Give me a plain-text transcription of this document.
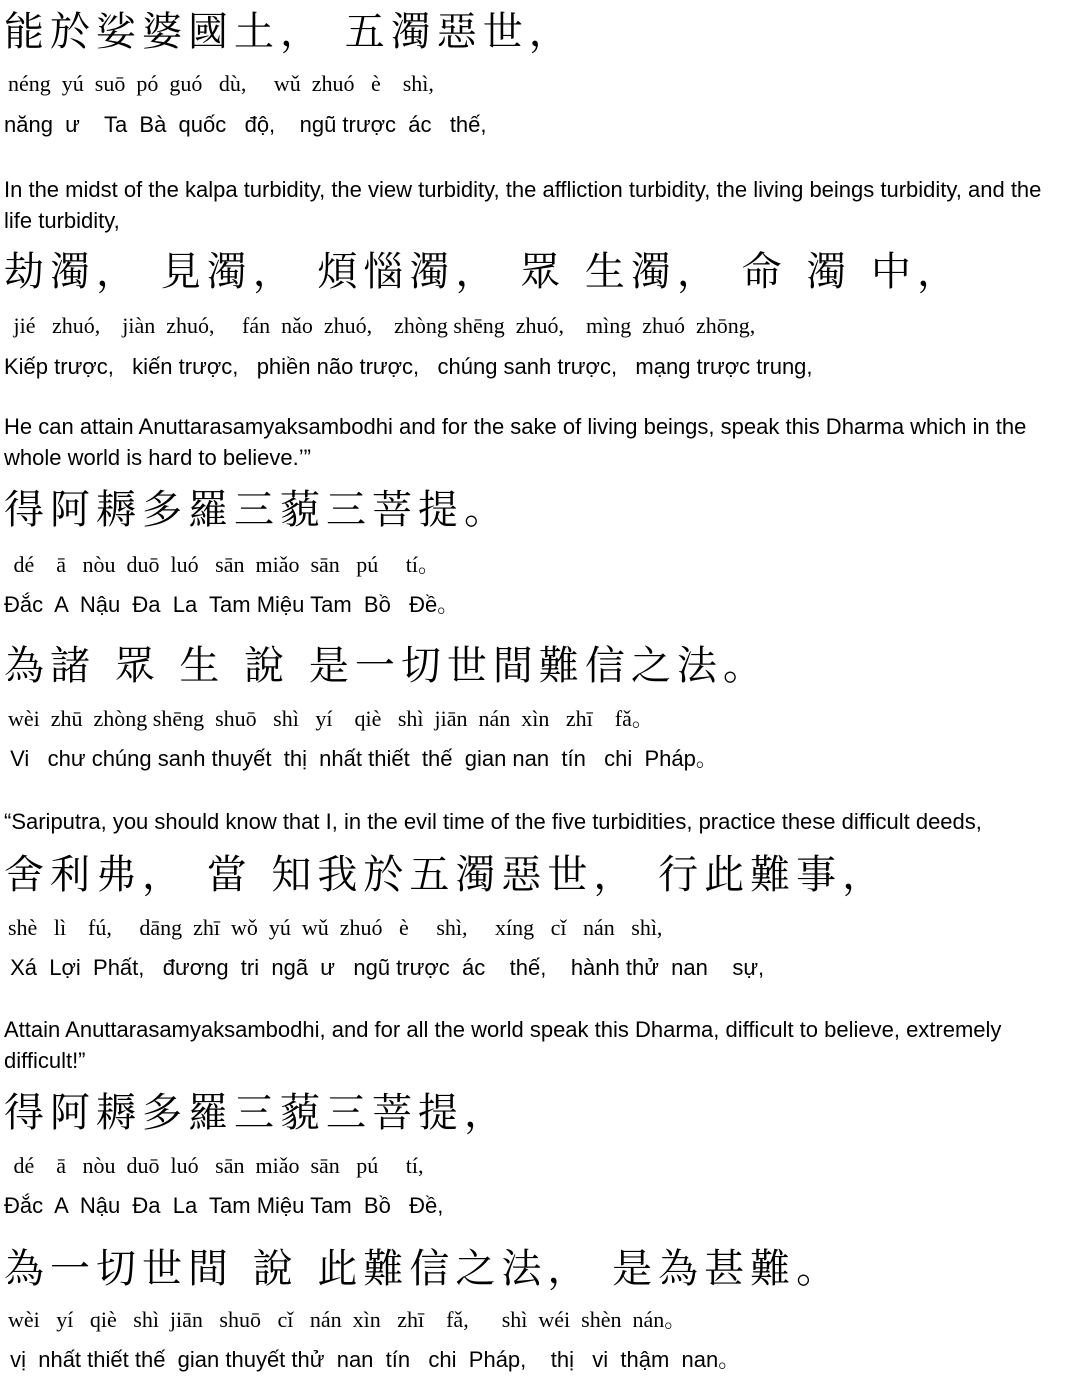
能於娑婆國土， 五濁惡世，

néng  yú  suō  pó  guó   dù,     wǔ  zhuó   è    shì,

năng  ư    Ta  Bà  quốc   độ,    ngũ trược  ác   thế,

In the midst of the kalpa turbidity, the view turbidity, the affliction turbidity, the living beings turbidity, and the life turbidity,

劫濁， 見濁， 煩惱濁， 眾 生濁， 命 濁 中，

jié   zhuó,    jiàn  zhuó,     fán  nǎo  zhuó,    zhòng shēng  zhuó,    mìng  zhuó  zhōng,

Kiếp trược,   kiến trược,   phiền não trược,   chúng sanh trược,   mạng trược trung,

He can attain Anuttarasamyaksambodhi and for the sake of living beings, speak this Dharma which in the whole world is hard to believe.’”

得阿耨多羅三藐三菩提。

dé    ā   nòu  duō  luó   sān  miǎo  sān   pú     tí。

Đắc  A  Nậu  Đa  La  Tam Miệu Tam  Bồ   Đề。

為諸 眾 生 說 是一切世間難信之法。

wèi  zhū  zhòng shēng  shuō   shì   yí    qiè   shì  jiān  nán  xìn   zhī    fǎ。

Vi   chư chúng sanh thuyết  thị  nhất thiết  thế  gian nan  tín   chi  Pháp。

“Sariputra, you should know that I, in the evil time of the five turbidities, practice these difficult deeds,

舍利弗， 當 知我於五濁惡世， 行此難事，

shè   lì    fú,     dāng  zhī  wǒ  yú  wǔ  zhuó   è     shì,     xíng   cǐ   nán   shì,

Xá  Lợi  Phất,   đương  tri  ngã  ư   ngũ trược  ác    thế,    hành thử  nan    sự,

Attain Anuttarasamyaksambodhi, and for all the world speak this Dharma, difficult to believe, extremely difficult!”

得阿耨多羅三藐三菩提，

dé    ā   nòu  duō  luó   sān  miǎo  sān   pú     tí,

Đắc  A  Nậu  Đa  La  Tam Miệu Tam  Bồ   Đề,

為一切世間 說 此難信之法， 是為甚難。

wèi   yí   qiè   shì  jiān   shuō   cǐ   nán  xìn   zhī    fǎ,      shì  wéi  shèn  nán。

vị  nhất thiết thế  gian thuyết thử  nan  tín   chi  Pháp,    thị   vi  thậm  nan。
